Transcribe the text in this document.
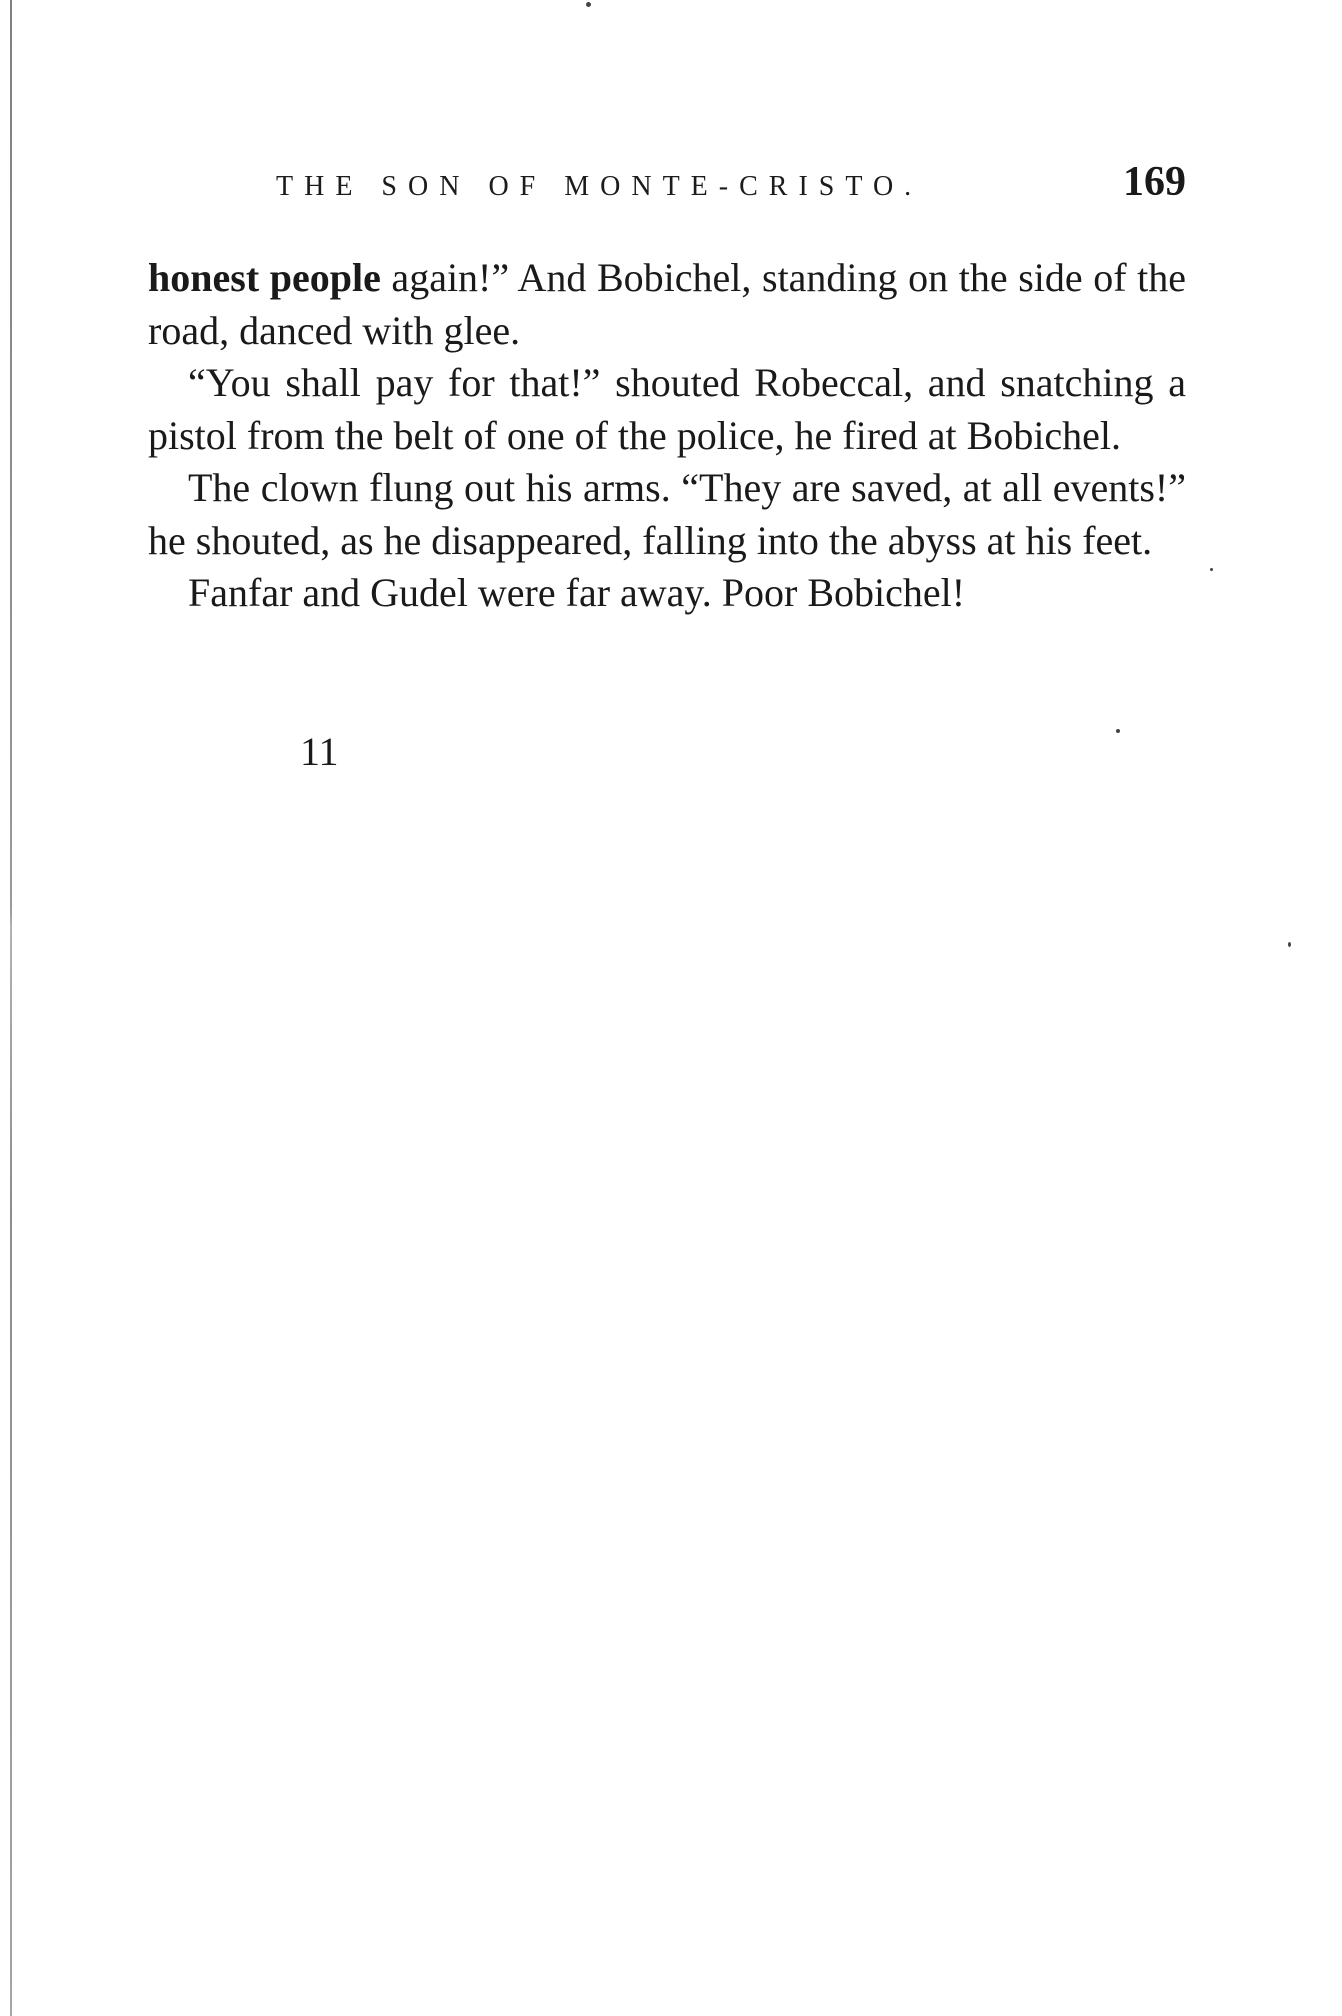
THE SON OF MONTE-CRISTO.	169

honest people again!” And Bobichel, standing on the side of the road, danced with glee.

“You shall pay for that!” shouted Robeccal, and snatching a pistol from the belt of one of the police, he fired at Bobichel.

The clown flung out his arms. “They are saved, at all events!” he shouted, as he disappeared, falling into the abyss at his feet.

Fanfar and Gudel were far away. Poor Bobichel!

11
